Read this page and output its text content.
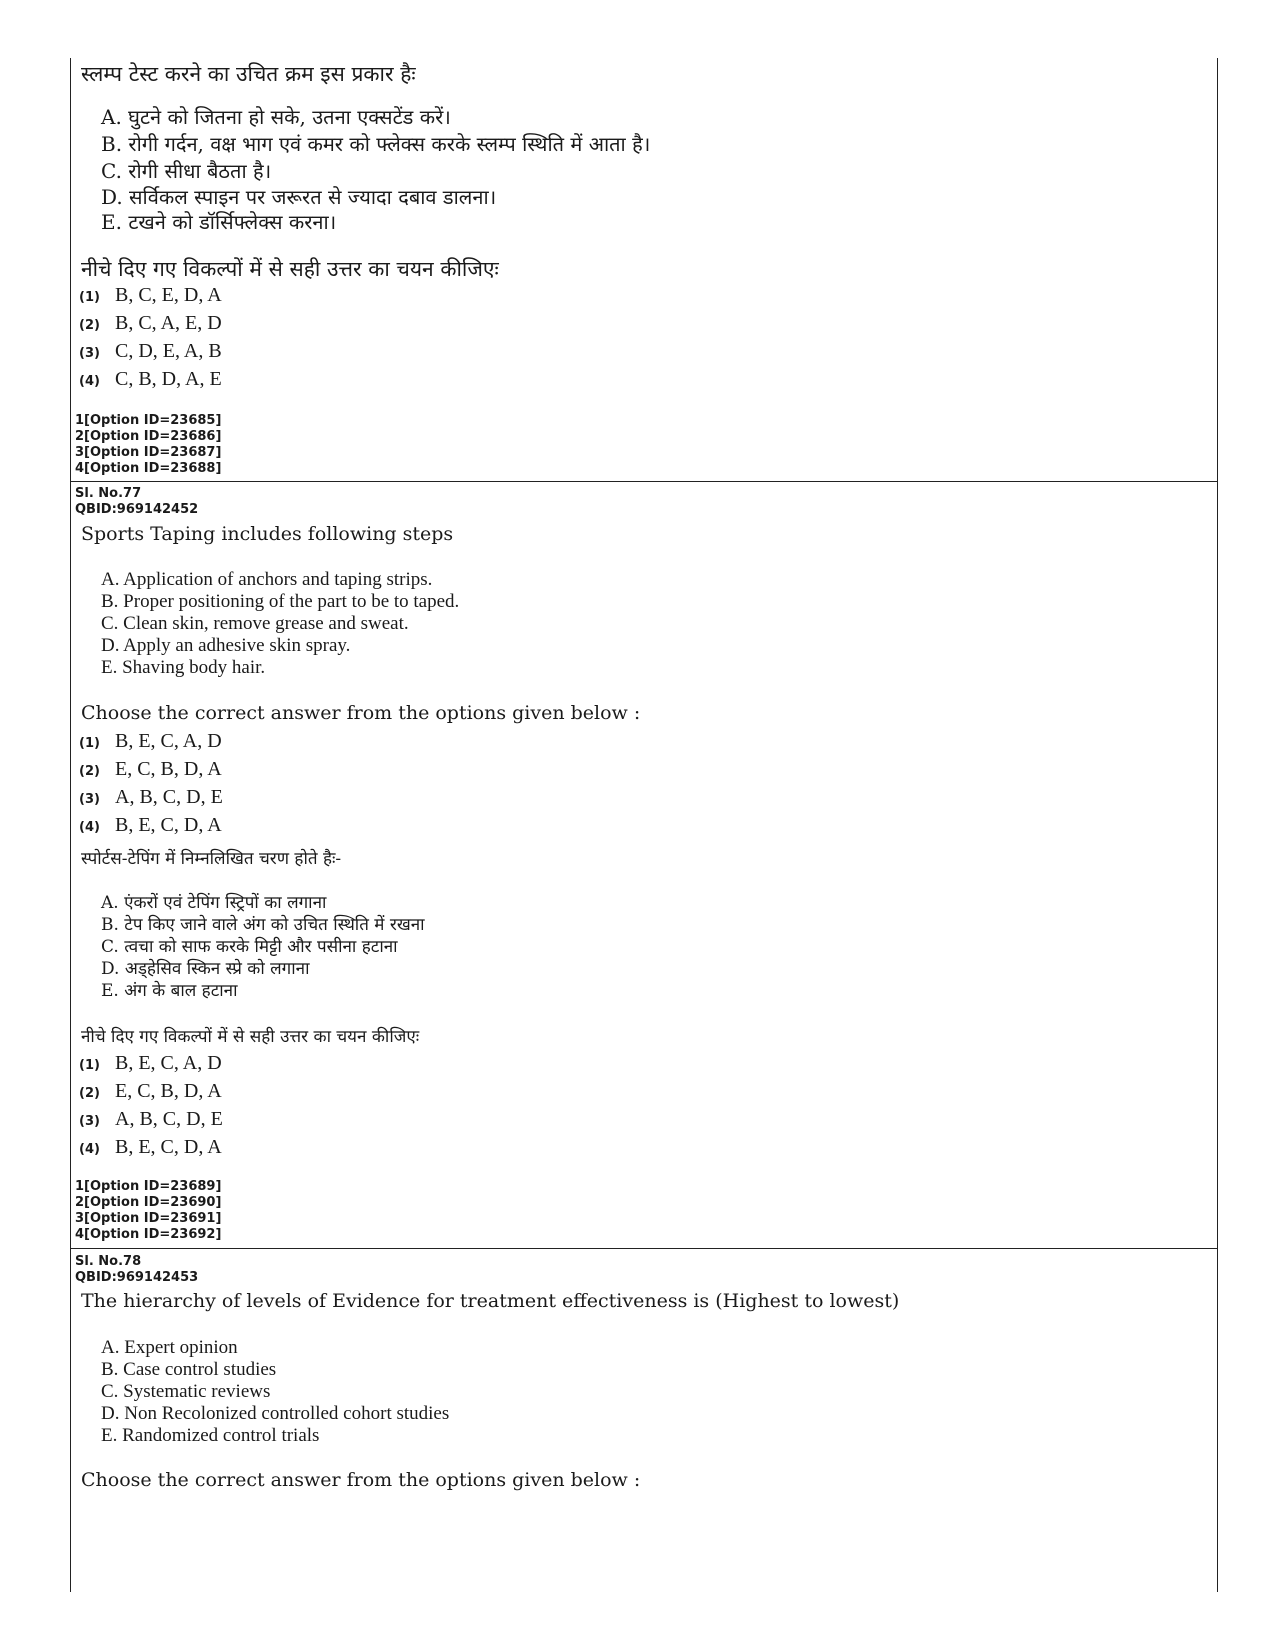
स्लम्प टेस्ट करने का उचित क्रम इस प्रकार हैः
A. घुटने को जितना हो सके, उतना एक्सटेंड करें।
B. रोगी गर्दन, वक्ष भाग एवं कमर को फ्लेक्स करके स्लम्प स्थिति में आता है।
C. रोगी सीधा बैठता है।
D. सर्विकल स्पाइन पर जरूरत से ज्यादा दबाव डालना।
E. टखने को डॉर्सिफ्लेक्स करना।
नीचे दिए गए विकल्पों में से सही उत्तर का चयन कीजिएः
(1) B, C, E, D, A
(2) B, C, A, E, D
(3) C, D, E, A, B
(4) C, B, D, A, E
1[Option ID=23685]
2[Option ID=23686]
3[Option ID=23687]
4[Option ID=23688]
Sl. No.77
QBID:969142452
Sports Taping includes following steps
A. Application of anchors and taping strips.
B. Proper positioning of the part to be to taped.
C. Clean skin, remove grease and sweat.
D. Apply an adhesive skin spray.
E. Shaving body hair.
Choose the correct answer from the options given below :
(1) B, E, C, A, D
(2) E, C, B, D, A
(3) A, B, C, D, E
(4) B, E, C, D, A
स्पोर्टस-टेपिंग में निम्नलिखित चरण होते हैः-
A. एंकरों एवं टेपिंग स्ट्रिपों का लगाना
B. टेप किए जाने वाले अंग को उचित स्थिति में रखना
C. त्वचा को साफ करके मिट्टी और पसीना हटाना
D. अड्हेसिव स्किन स्प्रे को लगाना
E. अंग के बाल हटाना
नीचे दिए गए विकल्पों में से सही उत्तर का चयन कीजिएः
(1) B, E, C, A, D
(2) E, C, B, D, A
(3) A, B, C, D, E
(4) B, E, C, D, A
1[Option ID=23689]
2[Option ID=23690]
3[Option ID=23691]
4[Option ID=23692]
Sl. No.78
QBID:969142453
The hierarchy of levels of Evidence for treatment effectiveness is (Highest to lowest)
A. Expert opinion
B. Case control studies
C. Systematic reviews
D. Non Recolonized controlled cohort studies
E. Randomized control trials
Choose the correct answer from the options given below :
